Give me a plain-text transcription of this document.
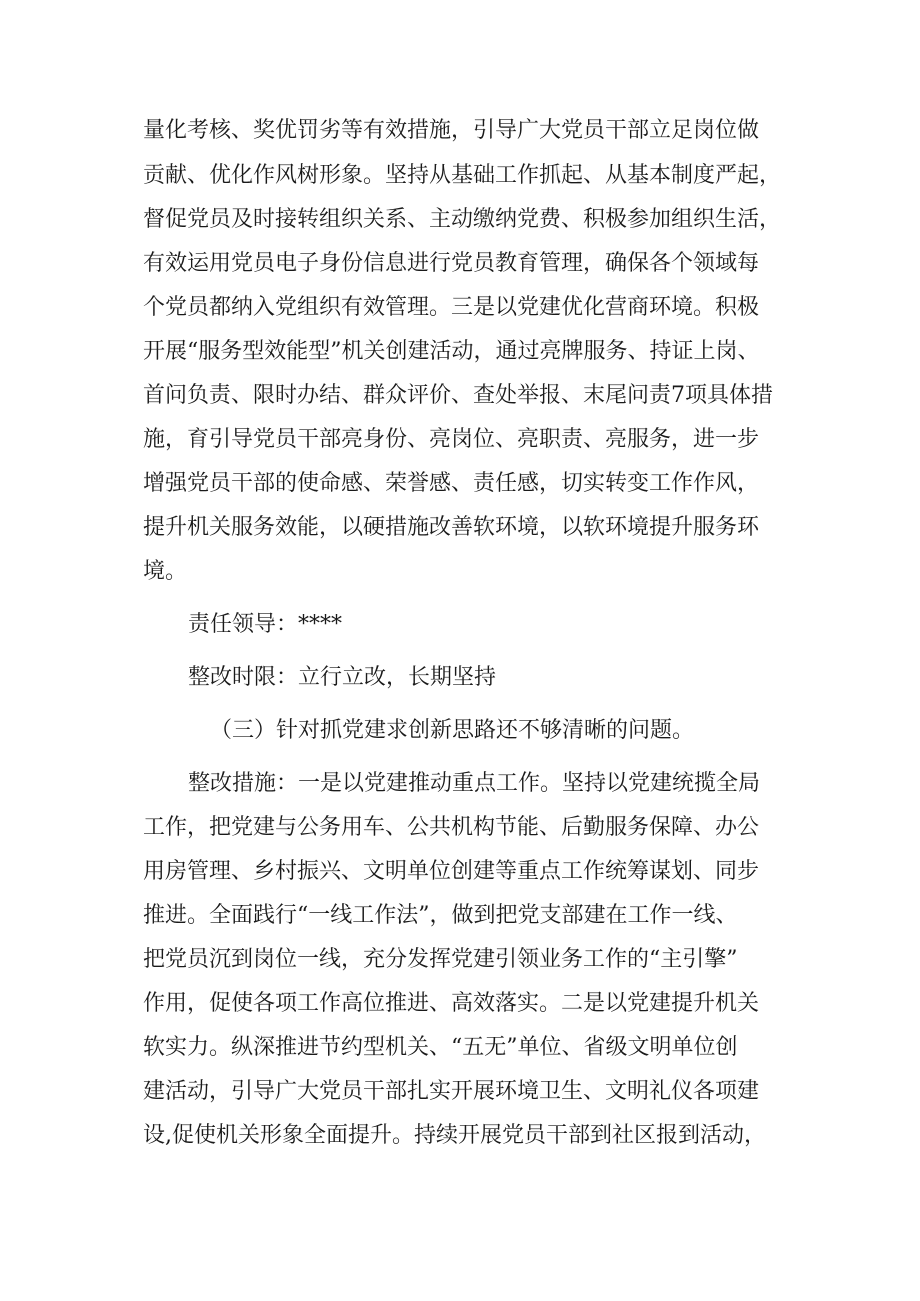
量化考核、奖优罚劣等有效措施，引导广大党员干部立足岗位做
贡献、优化作风树形象。坚持从基础工作抓起、从基本制度严起，
督促党员及时接转组织关系、主动缴纳党费、积极参加组织生活，
有效运用党员电子身份信息进行党员教育管理，确保各个领域每
个党员都纳入党组织有效管理。三是以党建优化营商环境。积极
开展“服务型效能型”机关创建活动，通过亮牌服务、持证上岗、
首问负责、限时办结、群众评价、查处举报、末尾问责7项具体措
施，育引导党员干部亮身份、亮岗位、亮职责、亮服务，进一步
增强党员干部的使命感、荣誉感、责任感，切实转变工作作风，
提升机关服务效能，以硬措施改善软环境，以软环境提升服务环
境。
责任领导：****
整改时限：立行立改，长期坚持
（三）针对抓党建求创新思路还不够清晰的问题。
整改措施：一是以党建推动重点工作。坚持以党建统揽全局
工作，把党建与公务用车、公共机构节能、后勤服务保障、办公
用房管理、乡村振兴、文明单位创建等重点工作统筹谋划、同步
推进。全面践行“一线工作法”，做到把党支部建在工作一线、
把党员沉到岗位一线，充分发挥党建引领业务工作的“主引擎”
作用，促使各项工作高位推进、高效落实。二是以党建提升机关
软实力。纵深推进节约型机关、“五无”单位、省级文明单位创
建活动，引导广大党员干部扎实开展环境卫生、文明礼仪各项建
设,促使机关形象全面提升。持续开展党员干部到社区报到活动，
